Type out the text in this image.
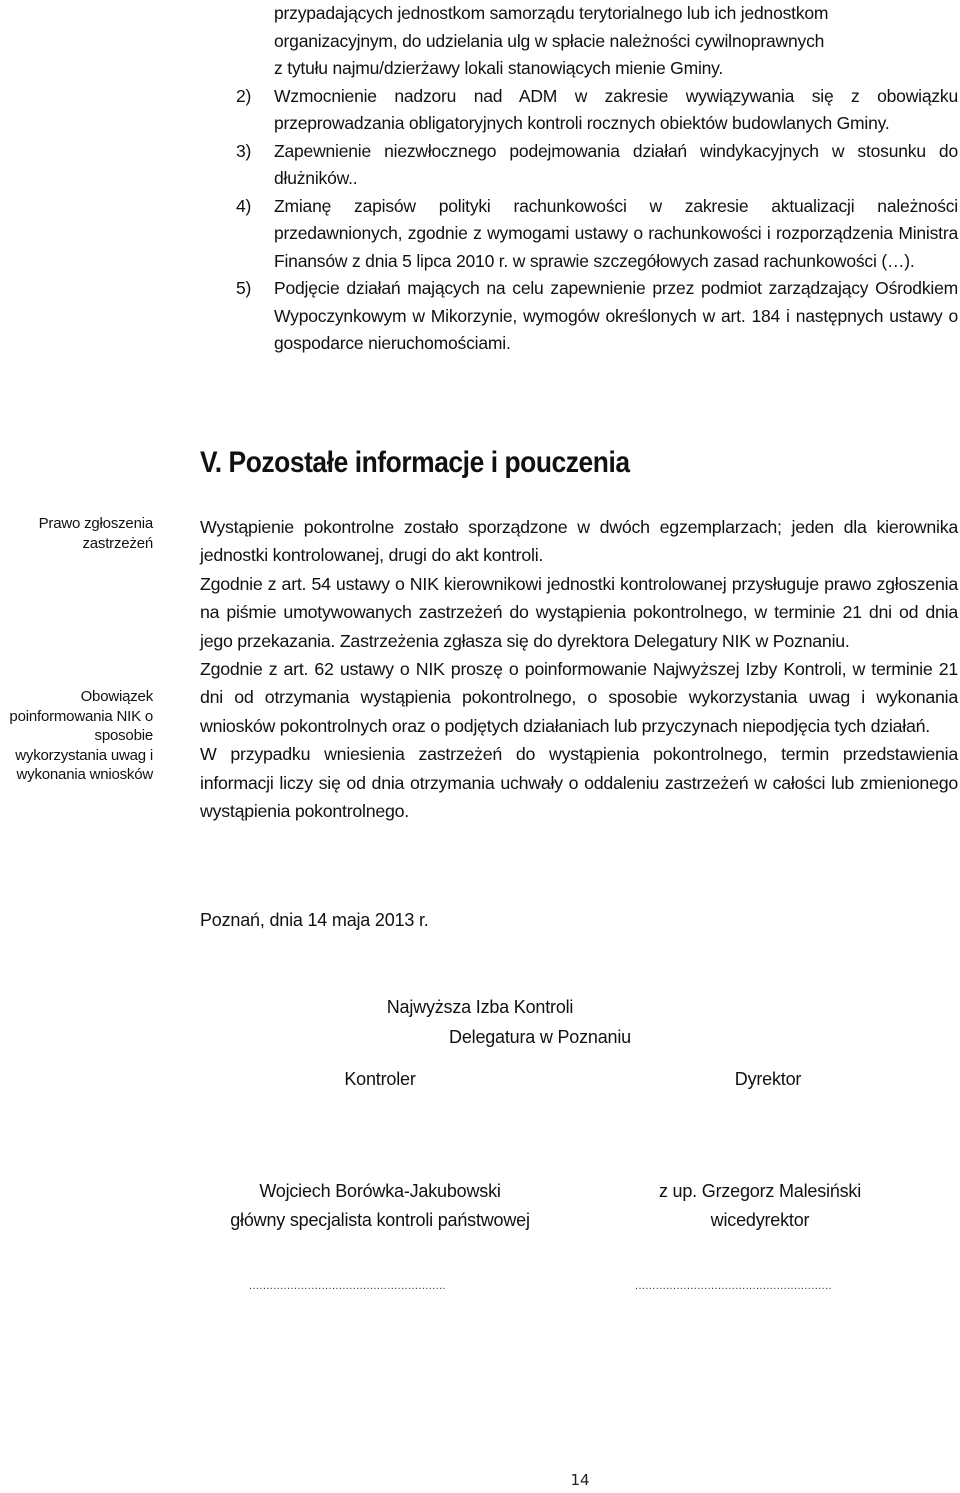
przypadających jednostkom samorządu terytorialnego lub ich jednostkom
organizacyjnym, do udzielania ulg w spłacie należności cywilnoprawnych
z tytułu najmu/dzierżawy lokali stanowiących mienie Gminy.
2) Wzmocnienie nadzoru nad ADM w zakresie wywiązywania się z obowiązku przeprowadzania obligatoryjnych kontroli rocznych obiektów budowlanych Gminy.
3) Zapewnienie niezwłocznego podejmowania działań windykacyjnych w stosunku do dłużników..
4) Zmianę zapisów polityki rachunkowości w zakresie aktualizacji należności przedawnionych, zgodnie z wymogami ustawy o rachunkowości i rozporządzenia Ministra Finansów z dnia 5 lipca 2010 r. w sprawie szczegółowych zasad rachunkowości (…).
5) Podjęcie działań mających na celu zapewnienie przez podmiot zarządzający Ośrodkiem Wypoczynkowym w Mikorzynie, wymogów określonych w art. 184 i następnych ustawy o gospodarce nieruchomościami.
V. Pozostałe informacje i pouczenia
Prawo zgłoszenia zastrzeżeń
Obowiązek poinformowania NIK o sposobie wykorzystania uwag i wykonania wniosków

Wystąpienie pokontrolne zostało sporządzone w dwóch egzemplarzach; jeden dla kierownika jednostki kontrolowanej, drugi do akt kontroli.

Zgodnie z art. 54 ustawy o NIK kierownikowi jednostki kontrolowanej przysługuje prawo zgłoszenia na piśmie umotywowanych zastrzeżeń do wystąpienia pokontrolnego, w terminie 21 dni od dnia jego przekazania. Zastrzeżenia zgłasza się do dyrektora Delegatury NIK w Poznaniu.

Zgodnie z art. 62 ustawy o NIK proszę o poinformowanie Najwyższej Izby Kontroli, w terminie 21 dni od otrzymania wystąpienia pokontrolnego, o sposobie wykorzystania uwag i wykonania wniosków pokontrolnych oraz o podjętych działaniach lub przyczynach niepodjęcia tych działań.

W przypadku wniesienia zastrzeżeń do wystąpienia pokontrolnego, termin przedstawienia informacji liczy się od dnia otrzymania uchwały o oddaleniu zastrzeżeń w całości lub zmienionego wystąpienia pokontrolnego.

Poznań, dnia 14 maja 2013 r.
Najwyższa Izba Kontroli
Delegatura w Poznaniu
Kontroler	Dyrektor
Wojciech Borówka-Jakubowski
główny specjalista kontroli państwowej
z up. Grzegorz Malesiński
wicedyrektor
.........................................................	.........................................................
14
